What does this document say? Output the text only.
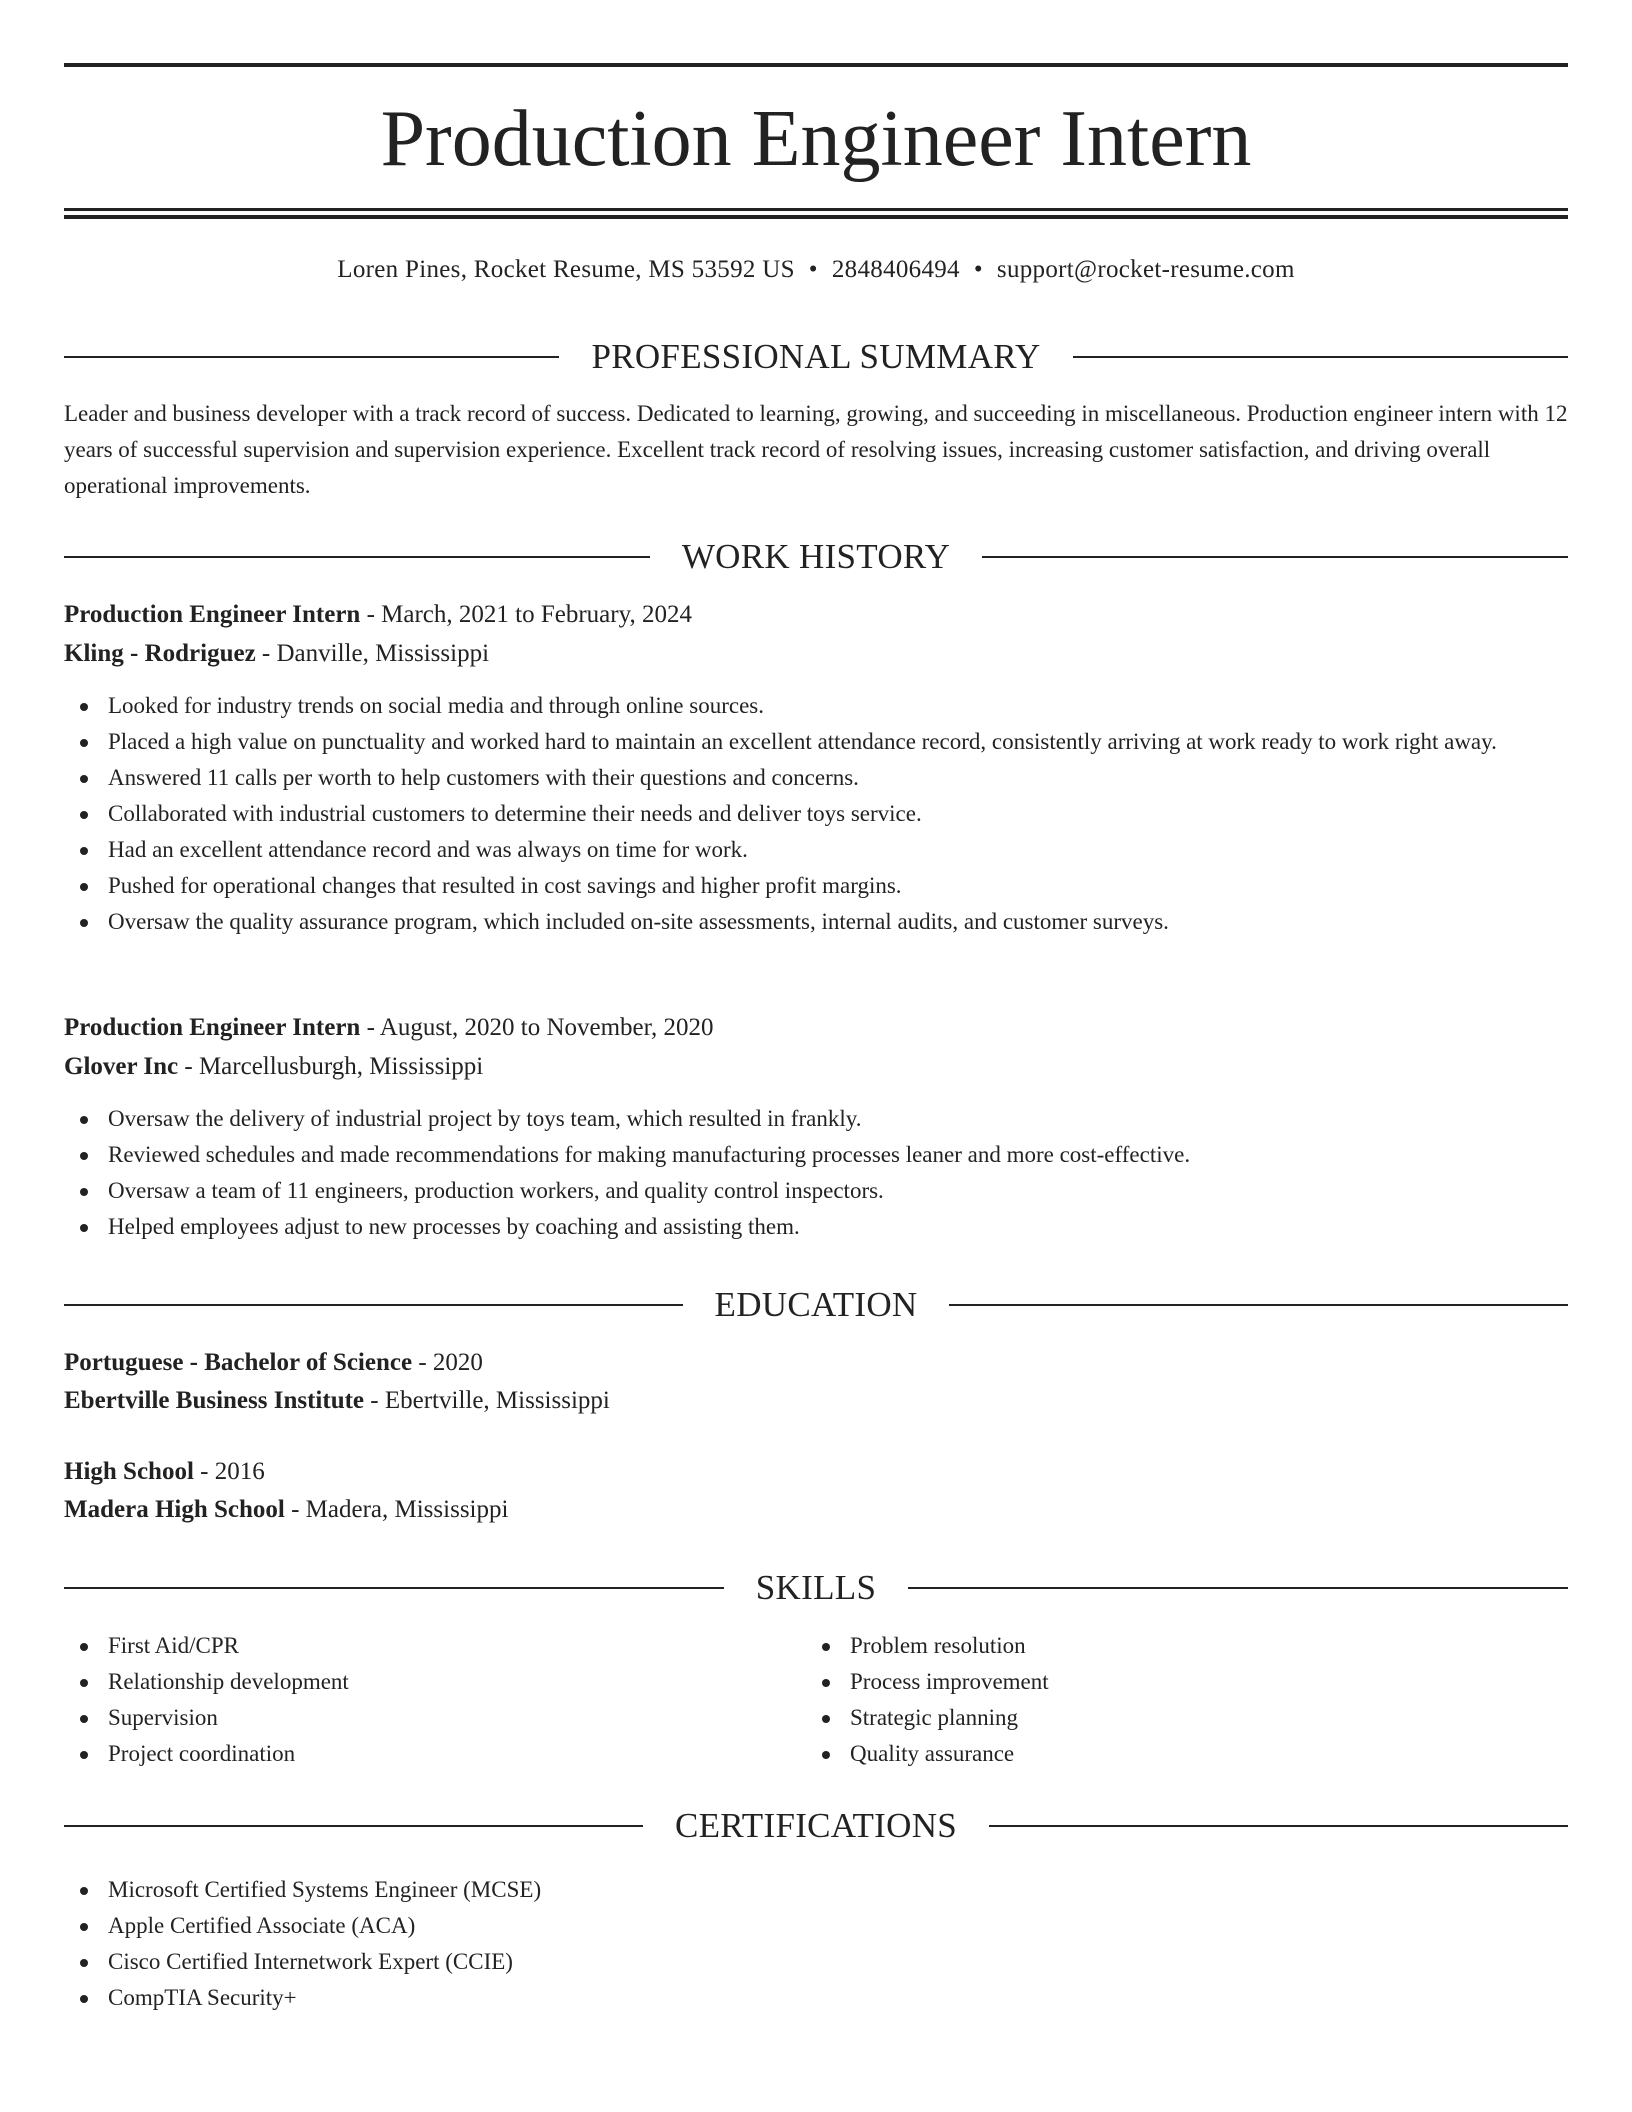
Production Engineer Intern
Loren Pines, Rocket Resume, MS 53592 US • 2848406494 • support@rocket-resume.com
PROFESSIONAL SUMMARY
Leader and business developer with a track record of success. Dedicated to learning, growing, and succeeding in miscellaneous. Production engineer intern with 12 years of successful supervision and supervision experience. Excellent track record of resolving issues, increasing customer satisfaction, and driving overall operational improvements.
WORK HISTORY
Production Engineer Intern - March, 2021 to February, 2024
Kling - Rodriguez - Danville, Mississippi
Looked for industry trends on social media and through online sources.
Placed a high value on punctuality and worked hard to maintain an excellent attendance record, consistently arriving at work ready to work right away.
Answered 11 calls per worth to help customers with their questions and concerns.
Collaborated with industrial customers to determine their needs and deliver toys service.
Had an excellent attendance record and was always on time for work.
Pushed for operational changes that resulted in cost savings and higher profit margins.
Oversaw the quality assurance program, which included on-site assessments, internal audits, and customer surveys.
Production Engineer Intern - August, 2020 to November, 2020
Glover Inc - Marcellusburgh, Mississippi
Oversaw the delivery of industrial project by toys team, which resulted in frankly.
Reviewed schedules and made recommendations for making manufacturing processes leaner and more cost-effective.
Oversaw a team of 11 engineers, production workers, and quality control inspectors.
Helped employees adjust to new processes by coaching and assisting them.
EDUCATION
Portuguese - Bachelor of Science - 2020
Ebertville Business Institute - Ebertville, Mississippi
High School - 2016
Madera High School - Madera, Mississippi
SKILLS
First Aid/CPR
Relationship development
Supervision
Project coordination
Problem resolution
Process improvement
Strategic planning
Quality assurance
CERTIFICATIONS
Microsoft Certified Systems Engineer (MCSE)
Apple Certified Associate (ACA)
Cisco Certified Internetwork Expert (CCIE)
CompTIA Security+
